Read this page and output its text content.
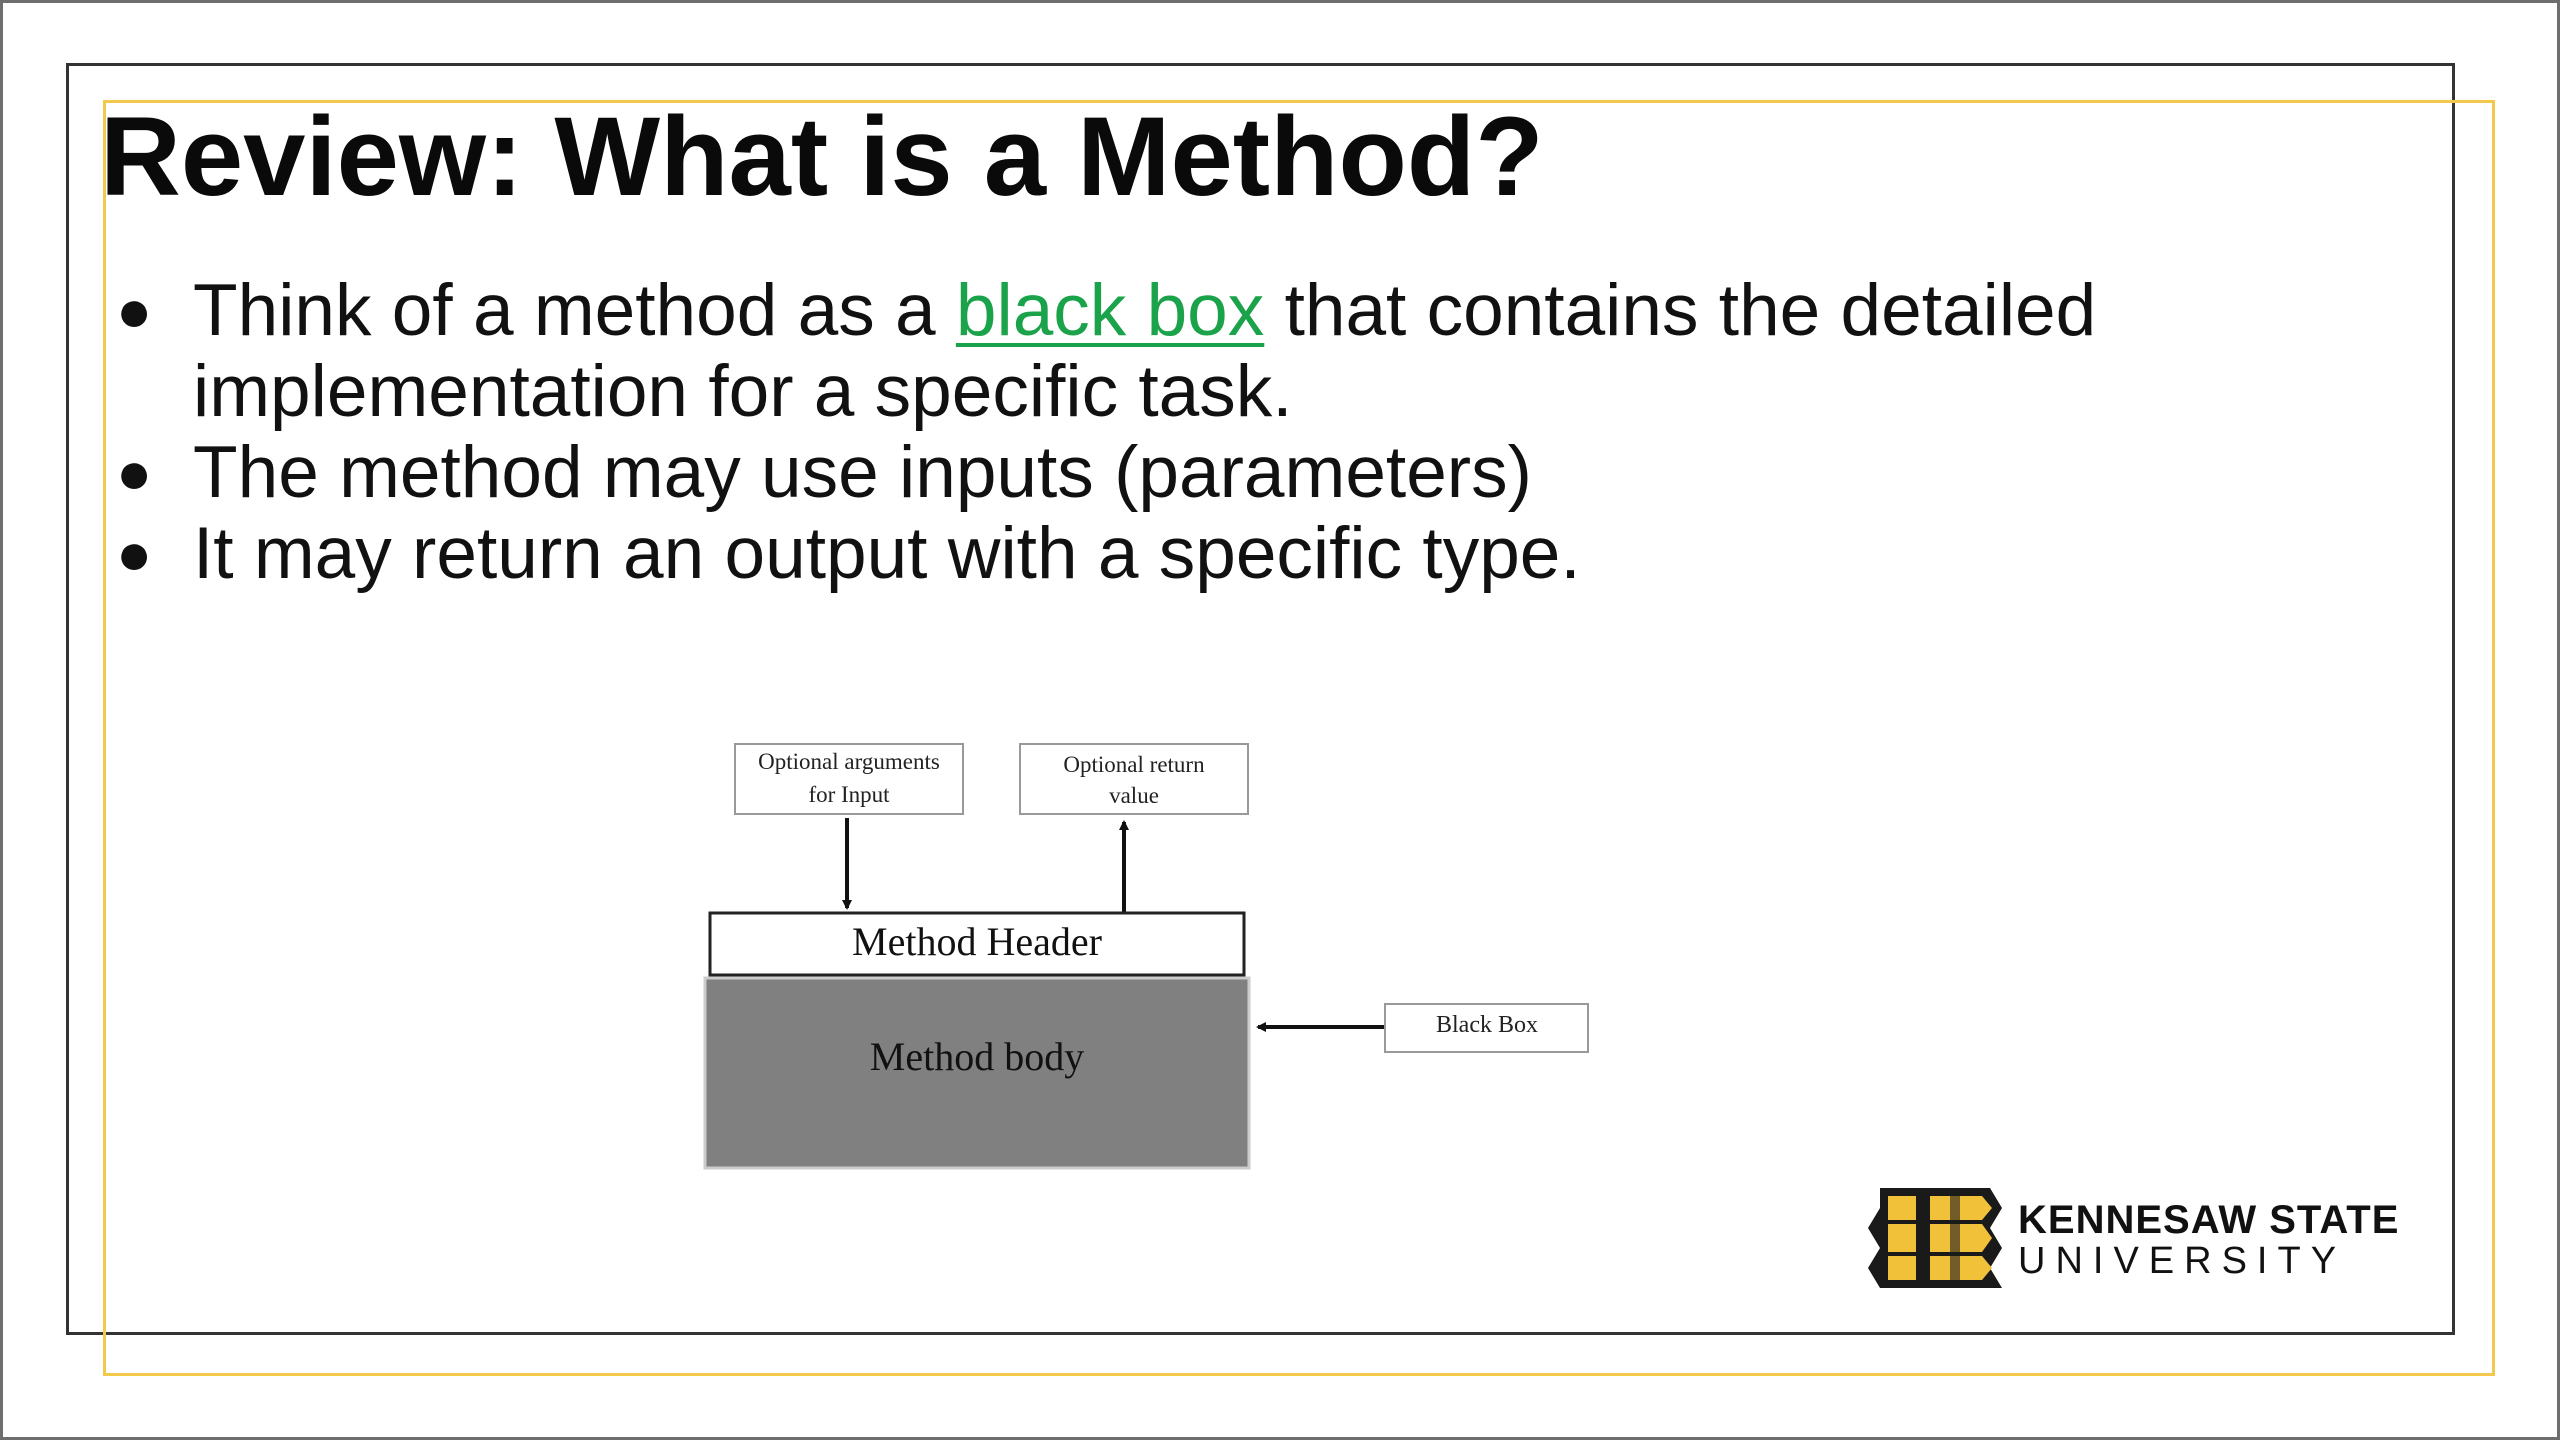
Review: What is a Method?
● Think of a method as a black box that contains the detailed implementation for a specific task.
● The method may use inputs (parameters)
● It may return an output with a specific type.
Optional arguments
for Input
Optional return
value
Method Header
Method body
Black Box
KENNESAW STATE
UNIVERSITY
